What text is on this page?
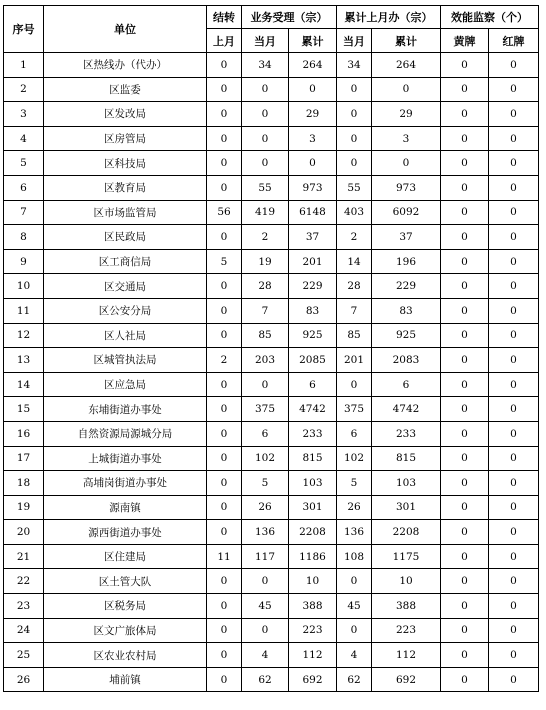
序号	单位	结转	业务受理（宗）		累计上月办（宗）		效能监察（个）	
		上月	当月	累计	当月	累计	黄牌	红牌
1	区热线办（代办）	0	34	264	34	264	0	0
2	区监委	0	0	0	0	0	0	0
3	区发改局	0	0	29	0	29	0	0
4	区房管局	0	0	3	0	3	0	0
5	区科技局	0	0	0	0	0	0	0
6	区教育局	0	55	973	55	973	0	0
7	区市场监管局	56	419	6148	403	6092	0	0
8	区民政局	0	2	37	2	37	0	0
9	区工商信局	5	19	201	14	196	0	0
10	区交通局	0	28	229	28	229	0	0
11	区公安分局	0	7	83	7	83	0	0
12	区人社局	0	85	925	85	925	0	0
13	区城管执法局	2	203	2085	201	2083	0	0
14	区应急局	0	0	6	0	6	0	0
15	东埔街道办事处	0	375	4742	375	4742	0	0
16	自然资源局源城分局	0	6	233	6	233	0	0
17	上城街道办事处	0	102	815	102	815	0	0
18	高埔岗街道办事处	0	5	103	5	103	0	0
19	源南镇	0	26	301	26	301	0	0
20	源西街道办事处	0	136	2208	136	2208	0	0
21	区住建局	11	117	1186	108	1175	0	0
22	区土管大队	0	0	10	0	10	0	0
23	区税务局	0	45	388	45	388	0	0
24	区文广旅体局	0	0	223	0	223	0	0
25	区农业农村局	0	4	112	4	112	0	0
26	埔前镇	0	62	692	62	692	0	0
